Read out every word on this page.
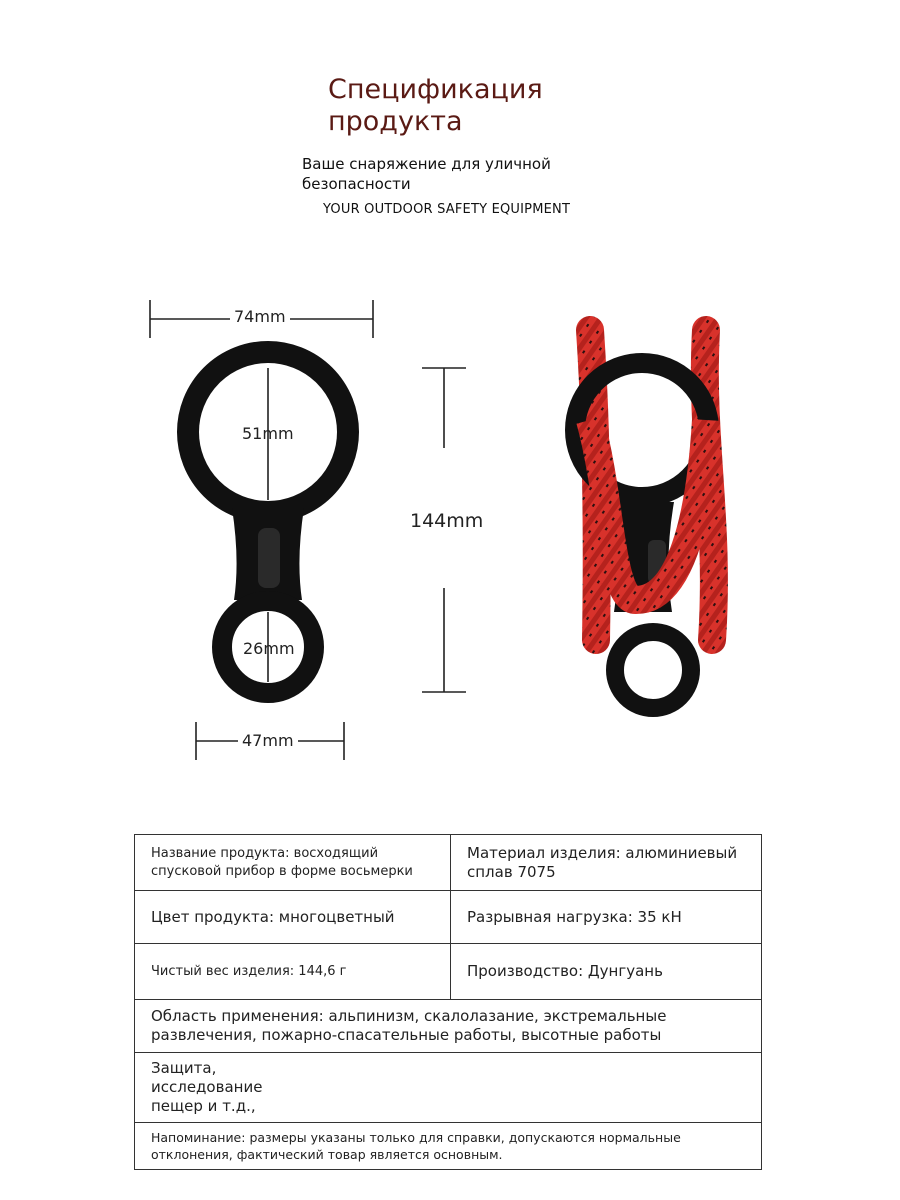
Спецификация продукта
Ваше снаряжение для уличной безопасности
YOUR OUTDOOR SAFETY EQUIPMENT
74mm
51mm
26mm
47mm
144mm
Название продукта: восходящий спусковой прибор в форме восьмерки	Материал изделия: алюминиевый сплав 7075
Цвет продукта: многоцветный	Разрывная нагрузка: 35 кН
Чистый вес изделия: 144,6 г	Производство: Дунгуань
Область применения: альпинизм, скалолазание, экстремальные развлечения, пожарно-спасательные работы, высотные работы	
Защита, исследование пещер и т.д.,	
Напоминание: размеры указаны только для справки, допускаются нормальные отклонения, фактический товар является основным.	
